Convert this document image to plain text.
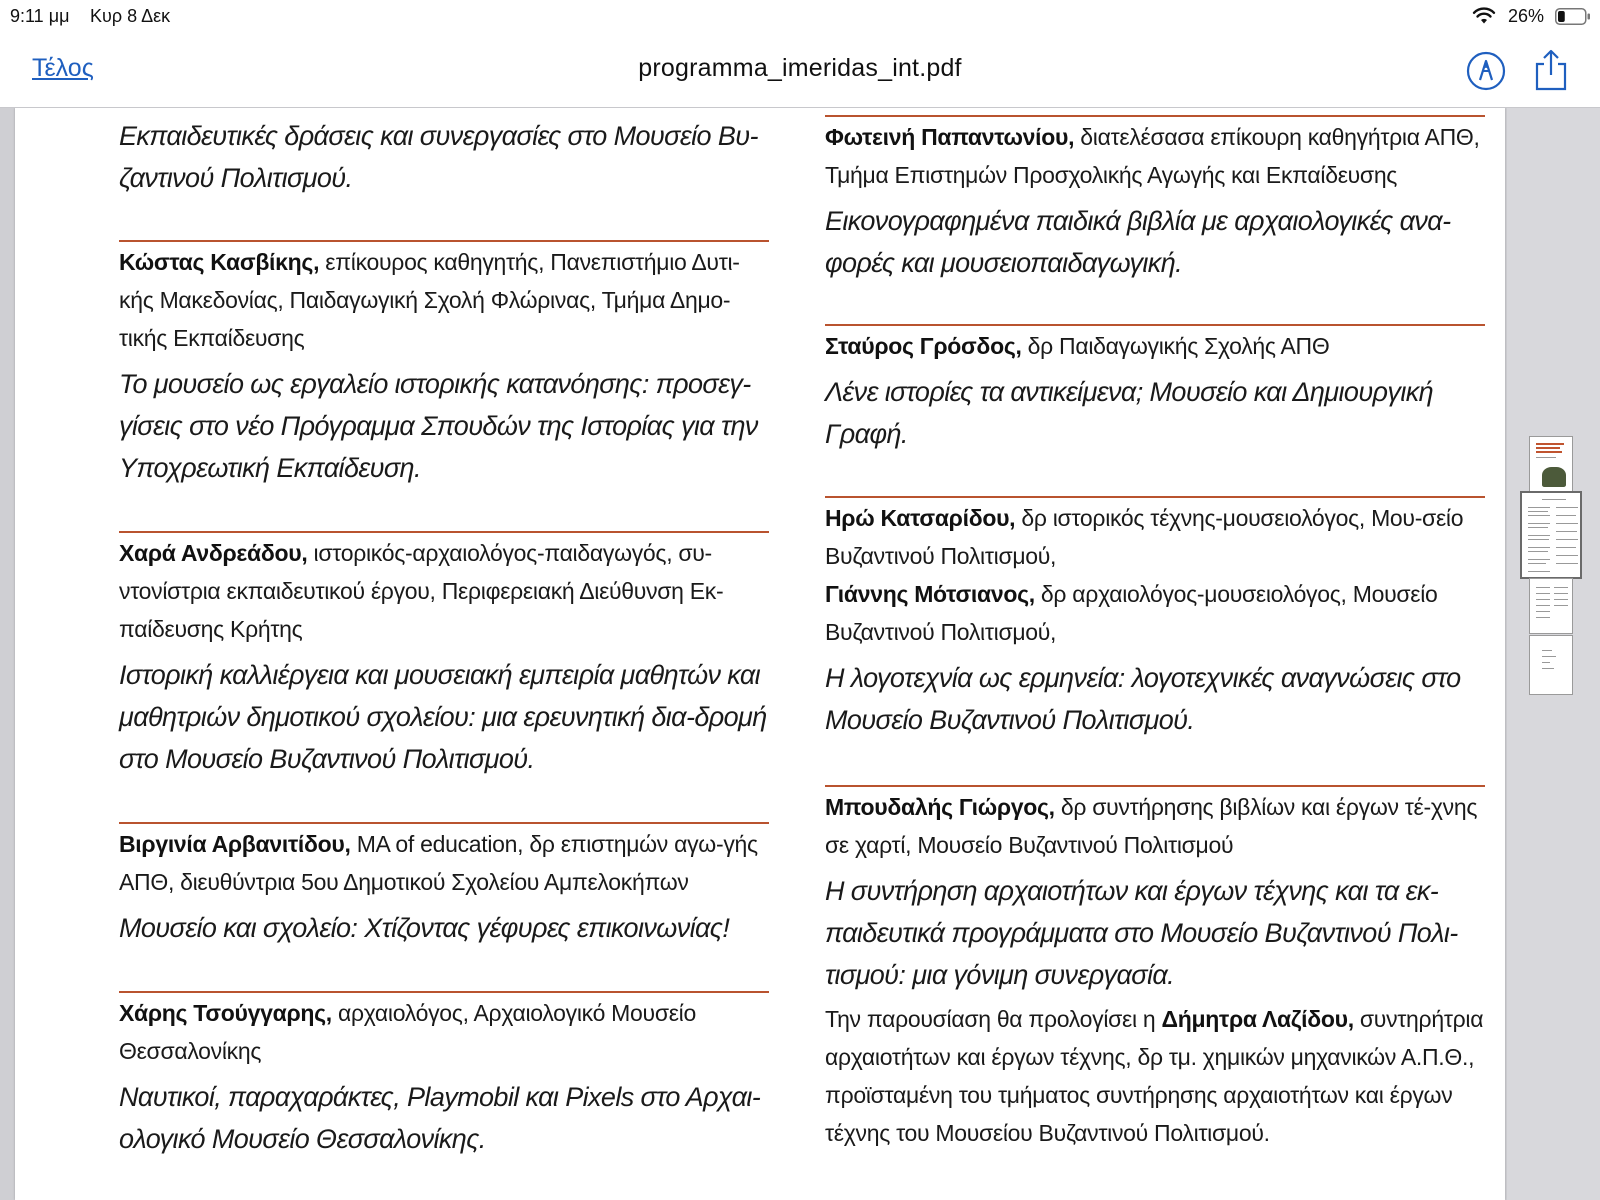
9:11 μμ Κυρ 8 Δεκ	26%
Τέλος	programma_imeridas_int.pdf

Εκπαιδευτικές δράσεις και συνεργασίες στο Μουσείο Βυ-ζαντινού Πολιτισμού.

Κώστας Κασβίκης, επίκουρος καθηγητής, Πανεπιστήμιο Δυτι-κής Μακεδονίας, Παιδαγωγική Σχολή Φλώρινας, Τμήμα Δημο-τικής Εκπαίδευσης

Το μουσείο ως εργαλείο ιστορικής κατανόησης: προσεγ-γίσεις στο νέο Πρόγραμμα Σπουδών της Ιστορίας για την Υποχρεωτική Εκπαίδευση.

Χαρά Ανδρεάδου, ιστορικός-αρχαιολόγος-παιδαγωγός, συ-ντονίστρια εκπαιδευτικού έργου, Περιφερειακή Διεύθυνση Εκ-παίδευσης Κρήτης

Ιστορική καλλιέργεια και μουσειακή εμπειρία μαθητών και μαθητριών δημοτικού σχολείου: μια ερευνητική δια-δρομή στο Μουσείο Βυζαντινού Πολιτισμού.

Βιργινία Αρβανιτίδου, MA of education, δρ επιστημών αγω-γής ΑΠΘ, διευθύντρια 5ου Δημοτικού Σχολείου Αμπελοκήπων

Μουσείο και σχολείο: Χτίζοντας γέφυρες επικοινωνίας!

Χάρης Τσούγγαρης, αρχαιολόγος, Αρχαιολογικό Μουσείο Θεσσαλονίκης

Ναυτικοί, παραχαράκτες, Playmobil και Pixels στο Αρχαι-ολογικό Μουσείο Θεσσαλονίκης.

Φωτεινή Παπαντωνίου, διατελέσασα επίκουρη καθηγήτρια ΑΠΘ, Τμήμα Επιστημών Προσχολικής Αγωγής και Εκπαίδευσης

Εικονογραφημένα παιδικά βιβλία με αρχαιολογικές ανα-φορές και μουσειοπαιδαγωγική.

Σταύρος Γρόσδος, δρ Παιδαγωγικής Σχολής ΑΠΘ

Λένε ιστορίες τα αντικείμενα; Μουσείο και Δημιουργική Γραφή.

Ηρώ Κατσαρίδου, δρ ιστορικός τέχνης-μουσειολόγος, Μου-σείο Βυζαντινού Πολιτισμού,
Γιάννης Μότσιανος, δρ αρχαιολόγος-μουσειολόγος, Μουσείο Βυζαντινού Πολιτισμού,

Η λογοτεχνία ως ερμηνεία: λογοτεχνικές αναγνώσεις στο Μουσείο Βυζαντινού Πολιτισμού.

Μπουδαλής Γιώργος, δρ συντήρησης βιβλίων και έργων τέ-χνης σε χαρτί, Μουσείο Βυζαντινού Πολιτισμού

Η συντήρηση αρχαιοτήτων και έργων τέχνης και τα εκ-παιδευτικά προγράμματα στο Μουσείο Βυζαντινού Πολι-τισμού: μια γόνιμη συνεργασία.

Την παρουσίαση θα προλογίσει η Δήμητρα Λαζίδου, συντηρήτρια αρχαιοτήτων και έργων τέχνης, δρ τμ. χημικών μηχανικών Α.Π.Θ., προϊσταμένη του τμήματος συντήρησης αρχαιοτήτων και έργων τέχνης του Μουσείου Βυζαντινού Πολιτισμού.
